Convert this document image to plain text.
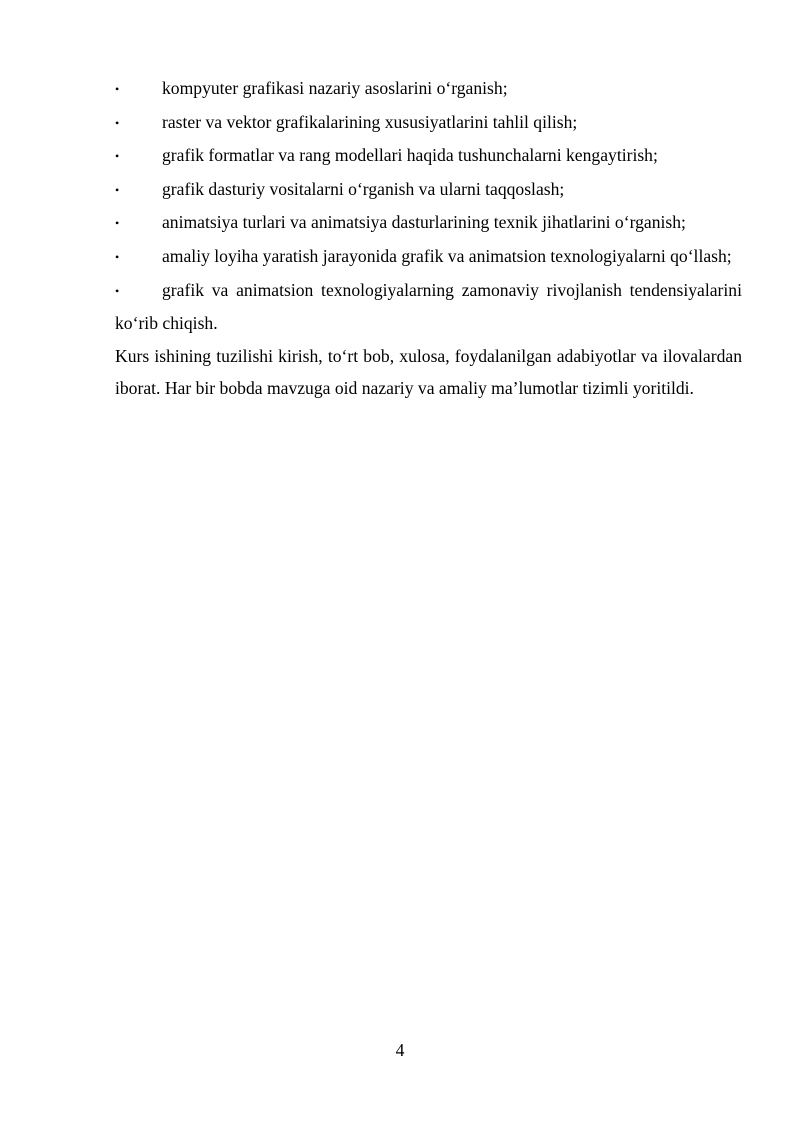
• kompyuter grafikasi nazariy asoslarini o‘rganish;
• raster va vektor grafikalarining xususiyatlarini tahlil qilish;
• grafik formatlar va rang modellari haqida tushunchalarni kengaytirish;
• grafik dasturiy vositalarni o‘rganish va ularni taqqoslash;
• animatsiya turlari va animatsiya dasturlarining texnik jihatlarini o‘rganish;
• amaliy loyiha yaratish jarayonida grafik va animatsion texnologiyalarni qo‘llash;
• grafik va animatsion texnologiyalarning zamonaviy rivojlanish tendensiyalarini ko‘rib chiqish.

Kurs ishining tuzilishi kirish, to‘rt bob, xulosa, foydalanilgan adabiyotlar va ilovalardan iborat. Har bir bobda mavzuga oid nazariy va amaliy ma’lumotlar tizimli yoritildi.

4
